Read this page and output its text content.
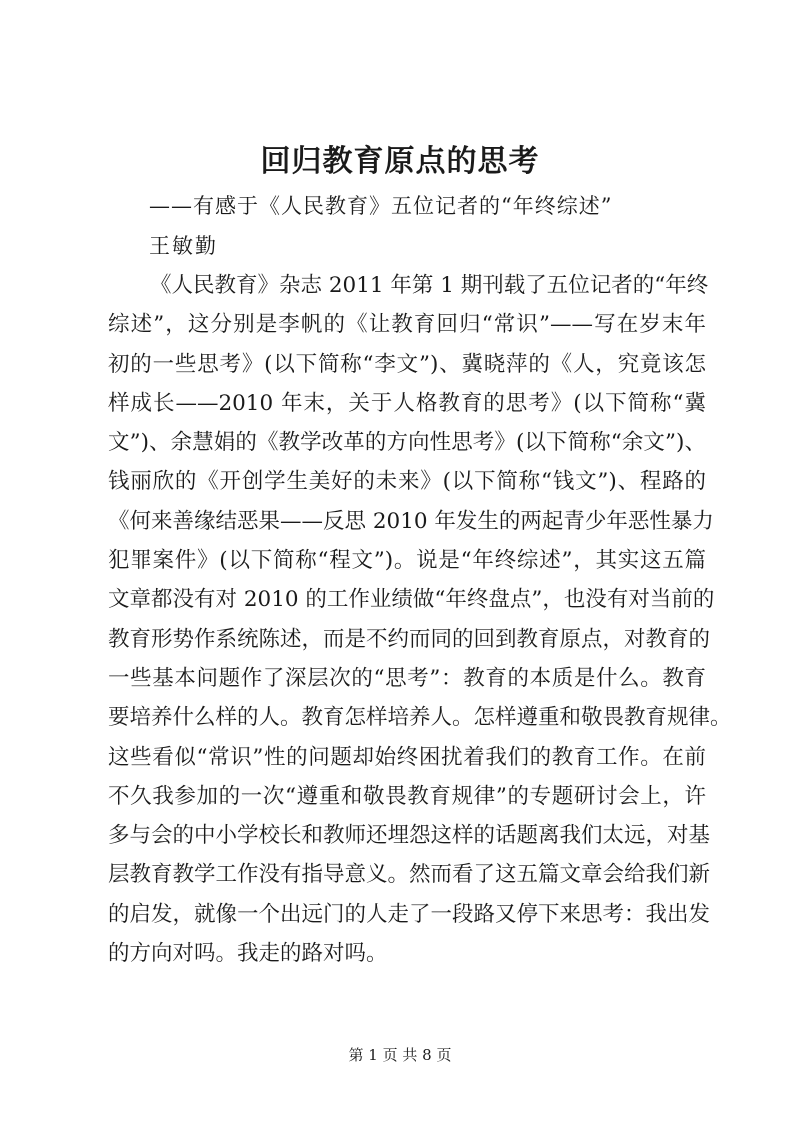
回归教育原点的思考
——有感于《人民教育》五位记者的“年终综述”
王敏勤
《人民教育》杂志 2011 年第 1 期刊载了五位记者的“年终
综述”，这分别是李帆的《让教育回归“常识”——写在岁末年
初的一些思考》(以下简称“李文”)、冀晓萍的《人，究竟该怎
样成长——2010 年末，关于人格教育的思考》(以下简称“冀
文”)、余慧娟的《教学改革的方向性思考》(以下简称“余文”)、
钱丽欣的《开创学生美好的未来》(以下简称“钱文”)、程路的
《何来善缘结恶果——反思 2010 年发生的两起青少年恶性暴力
犯罪案件》(以下简称“程文”)。说是“年终综述”，其实这五篇
文章都没有对 2010 的工作业绩做“年终盘点”，也没有对当前的
教育形势作系统陈述，而是不约而同的回到教育原点，对教育的
一些基本问题作了深层次的“思考”：教育的本质是什么。教育
要培养什么样的人。教育怎样培养人。怎样遵重和敬畏教育规律。
这些看似“常识”性的问题却始终困扰着我们的教育工作。在前
不久我参加的一次“遵重和敬畏教育规律”的专题研讨会上，许
多与会的中小学校长和教师还埋怨这样的话题离我们太远，对基
层教育教学工作没有指导意义。然而看了这五篇文章会给我们新
的启发，就像一个出远门的人走了一段路又停下来思考：我出发
的方向对吗。我走的路对吗。
第 1 页 共 8 页
